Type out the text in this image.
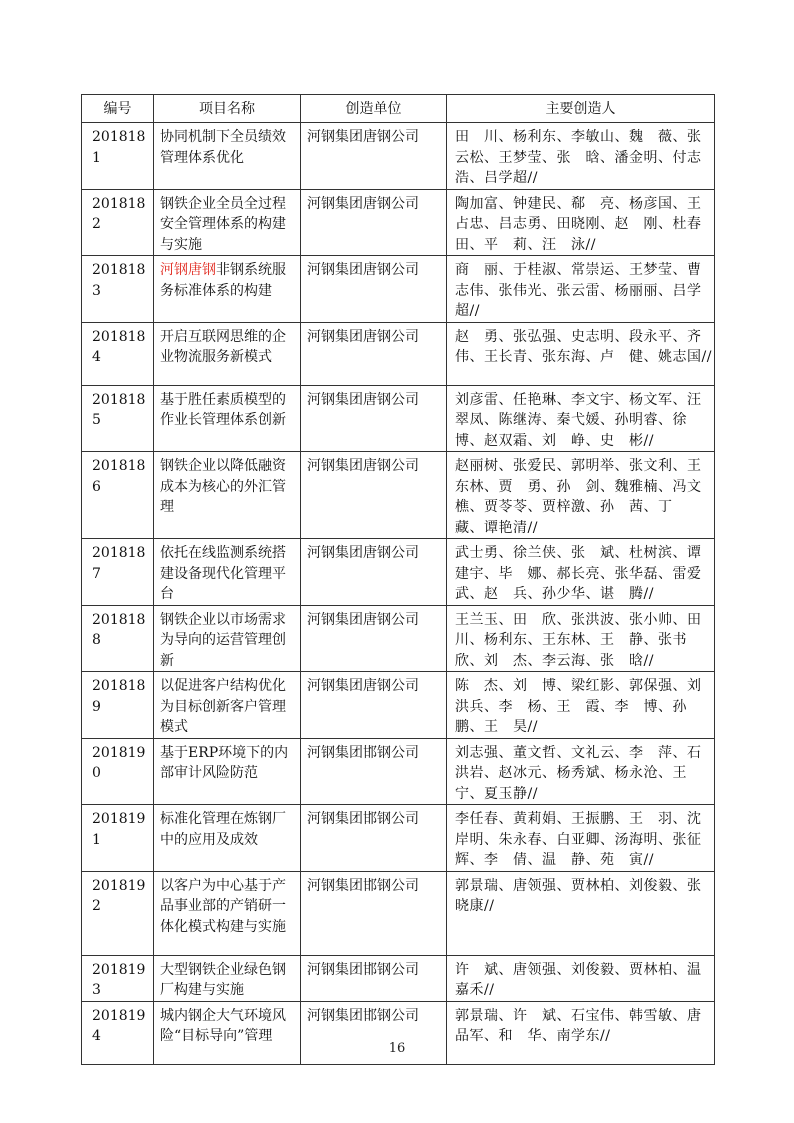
编号	项目名称	创造单位	主要创造人
2018181	协同机制下全员绩效管理体系优化	河钢集团唐钢公司	田　川、杨利东、李敏山、魏　薇、张云松、王梦莹、张　晗、潘金明、付志浩、吕学超//
2018182	钢铁企业全员全过程安全管理体系的构建与实施	河钢集团唐钢公司	陶加富、钟建民、郗　亮、杨彦国、王占忠、吕志勇、田晓刚、赵　刚、杜春田、平　莉、汪　泳//
2018183	河钢唐钢非钢系统服务标准体系的构建	河钢集团唐钢公司	商　丽、于桂淑、常崇运、王梦莹、曹志伟、张伟光、张云雷、杨丽丽、吕学超//
2018184	开启互联网思维的企业物流服务新模式	河钢集团唐钢公司	赵　勇、张弘强、史志明、段永平、齐　伟、王长青、张东海、卢　健、姚志国//
2018185	基于胜任素质模型的作业长管理体系创新	河钢集团唐钢公司	刘彦雷、任艳琳、李文宇、杨文军、汪翠凤、陈继涛、秦弋媛、孙明睿、徐　博、赵双霜、刘　峥、史　彬//
2018186	钢铁企业以降低融资成本为核心的外汇管理	河钢集团唐钢公司	赵丽树、张爱民、郭明举、张文利、王东林、贾　勇、孙　剑、魏雅楠、冯文樵、贾苓苓、贾梓激、孙　茜、丁　藏、谭艳清//
2018187	依托在线监测系统搭建设备现代化管理平台	河钢集团唐钢公司	武士勇、徐兰侠、张　斌、杜树滨、谭建宇、毕　娜、郝长亮、张华磊、雷爱武、赵　兵、孙少华、谌　腾//
2018188	钢铁企业以市场需求为导向的运营管理创新	河钢集团唐钢公司	王兰玉、田　欣、张洪波、张小帅、田　川、杨利东、王东林、王　静、张书欣、刘　杰、李云海、张　晗//
2018189	以促进客户结构优化为目标创新客户管理模式	河钢集团唐钢公司	陈　杰、刘　博、梁红影、郭保强、刘洪兵、李　杨、王　霞、李　博、孙　鹏、王　昊//
2018190	基于ERP环境下的内部审计风险防范	河钢集团邯钢公司	刘志强、董文哲、文礼云、李　萍、石洪岩、赵冰元、杨秀斌、杨永沧、王　宁、夏玉静//
2018191	标准化管理在炼钢厂中的应用及成效	河钢集团邯钢公司	李任春、黄莉娟、王振鹏、王　羽、沈岸明、朱永春、白亚卿、汤海明、张征辉、李　倩、温　静、苑　寅//
2018192	以客户为中心基于产品事业部的产销研一体化模式构建与实施	河钢集团邯钢公司	郭景瑞、唐领强、贾林柏、刘俊毅、张晓康//
2018193	大型钢铁企业绿色钢厂构建与实施	河钢集团邯钢公司	许　斌、唐领强、刘俊毅、贾林柏、温嘉禾//
2018194	城内钢企大气环境风险“目标导向”管理	河钢集团邯钢公司	郭景瑞、许　斌、石宝伟、韩雪敏、唐品军、和　华、南学东//
16
